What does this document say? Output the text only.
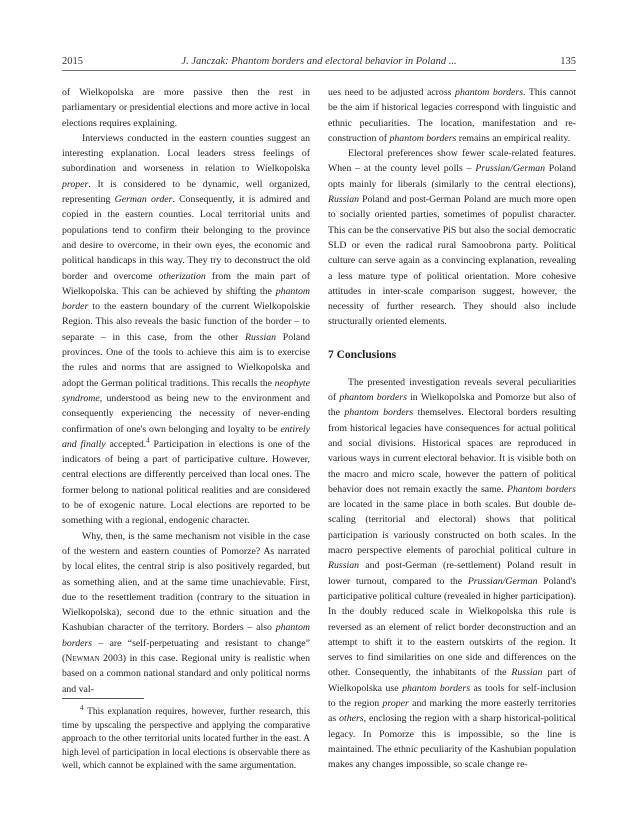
2015	J. Janczak: Phantom borders and electoral behavior in Poland ...	135

of Wielkopolska are more passive then the rest in parliamentary or presidential elections and more active in local elections requires explaining.

Interviews conducted in the eastern counties suggest an interesting explanation. Local leaders stress feelings of subordination and worseness in relation to Wielkopolska proper. It is considered to be dynamic, well organized, representing German order. Consequently, it is admired and copied in the eastern counties. Local territorial units and populations tend to confirm their belonging to the province and desire to overcome, in their own eyes, the economic and political handicaps in this way. They try to deconstruct the old border and overcome otherization from the main part of Wielkopolska. This can be achieved by shifting the phantom border to the eastern boundary of the current Wielkopolskie Region. This also reveals the basic function of the border – to separate – in this case, from the other Russian Poland provinces. One of the tools to achieve this aim is to exercise the rules and norms that are assigned to Wielkopolska and adopt the German political traditions. This recalls the neophyte syndrome, understood as being new to the environment and consequently experiencing the necessity of never-ending confirmation of one's own belonging and loyalty to be entirely and finally accepted.$^4$ Participation in elections is one of the indicators of being a part of participative culture. However, central elections are differently perceived than local ones. The former belong to national political realities and are considered to be of exogenic nature. Local elections are reported to be something with a regional, endogenic character.

Why, then, is the same mechanism not visible in the case of the western and eastern counties of Pomorze? As narrated by local elites, the central strip is also positively regarded, but as something alien, and at the same time unachievable. First, due to the resettlement tradition (contrary to the situation in Wielkopolska), second due to the ethnic situation and the Kashubian character of the territory. Borders – also phantom borders – are “self-perpetuating and resistant to change” (Newman 2003) in this case. Regional unity is realistic when based on a common national standard and only political norms and val-

$^4$ This explanation requires, however, further research, this time by upscaling the perspective and applying the comparative approach to the other territorial units located further in the east. A high level of participation in local elections is observable there as well, which cannot be explained with the same argumentation.

ues need to be adjusted across phantom borders. This cannot be the aim if historical legacies correspond with linguistic and ethnic peculiarities. The location, manifestation and re-construction of phantom borders remains an empirical reality.

Electoral preferences show fewer scale-related features. When – at the county level polls – Prussian/German Poland opts mainly for liberals (similarly to the central elections), Russian Poland and post-German Poland are much more open to socially oriented parties, sometimes of populist character. This can be the conservative PiS but also the social democratic SLD or even the radical rural Samoobrona party. Political culture can serve again as a convincing explanation, revealing a less mature type of political orientation. More cohesive attitudes in inter-scale comparison suggest, however, the necessity of further research. They should also include structurally oriented elements.

7 Conclusions

The presented investigation reveals several peculiarities of phantom borders in Wielkopolska and Pomorze but also of the phantom borders themselves. Electoral borders resulting from historical legacies have consequences for actual political and social divisions. Historical spaces are reproduced in various ways in current electoral behavior. It is visible both on the macro and micro scale, however the pattern of political behavior does not remain exactly the same. Phantom borders are located in the same place in both scales. But double de-scaling (territorial and electoral) shows that political participation is variously constructed on both scales. In the macro perspective elements of parochial political culture in Russian and post-German (re-settlement) Poland result in lower turnout, compared to the Prussian/German Poland's participative political culture (revealed in higher participation). In the doubly reduced scale in Wielkopolska this rule is reversed as an element of relict border deconstruction and an attempt to shift it to the eastern outskirts of the region. It serves to find similarities on one side and differences on the other. Consequently, the inhabitants of the Russian part of Wielkopolska use phantom borders as tools for self-inclusion to the region proper and marking the more easterly territories as others, enclosing the region with a sharp historical-political legacy. In Pomorze this is impossible, so the line is maintained. The ethnic peculiarity of the Kashubian population makes any changes impossible, so scale change re-
